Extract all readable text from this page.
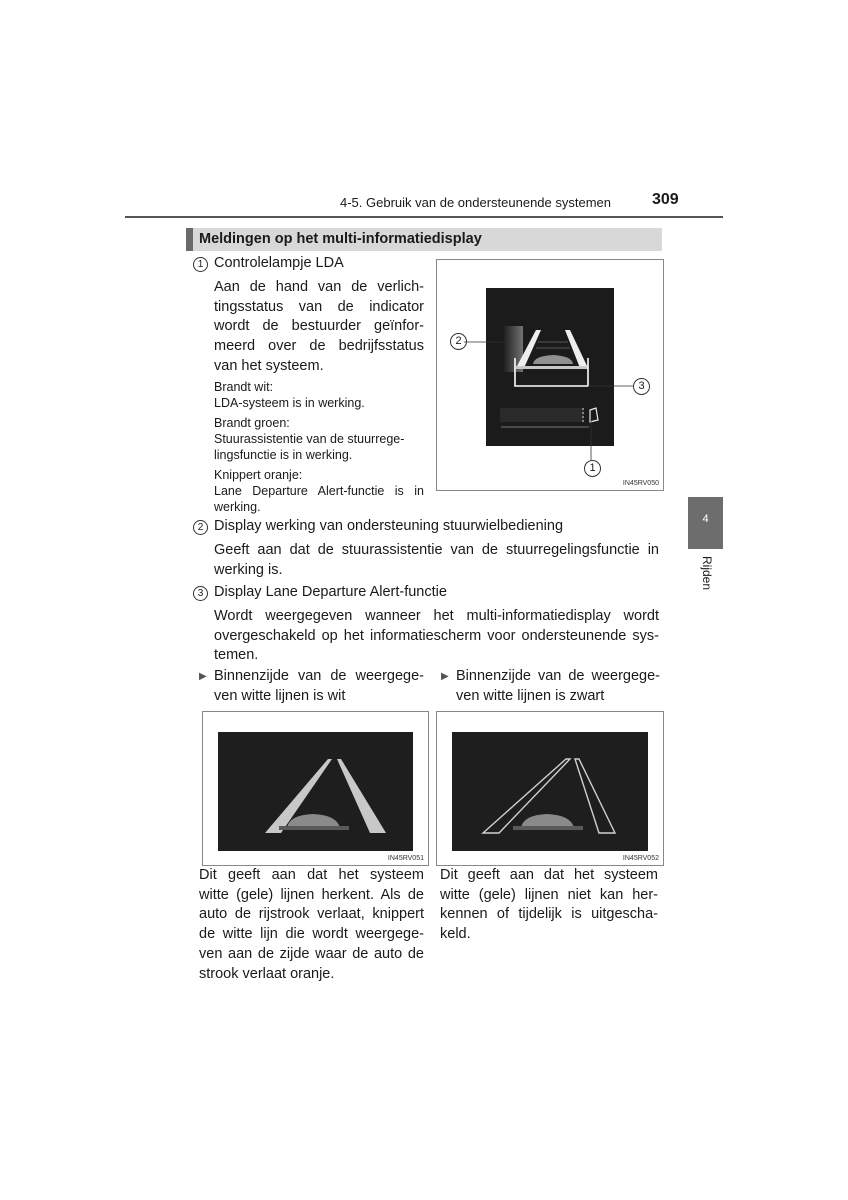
4-5. Gebruik van de ondersteunende systemen	309
4
Rijden
Meldingen op het multi-informatiedisplay
1 Controlelampje LDA

Aan de hand van de verlich-

tingsstatus van de indicator

wordt de bestuurder geïnfor-

meerd over de bedrijfsstatus

van het systeem.

Brandt wit:

LDA-systeem is in werking.

Brandt groen:

Stuurassistentie van de stuurrege-

lingsfunctie is in werking.

Knippert oranje:

Lane Departure Alert-functie is in

werking.

1
2
3
IN45RV050
2 Display werking van ondersteuning stuurwielbediening

Geeft aan dat de stuurassistentie van de stuurregelingsfunctie in

werking is.

3 Display Lane Departure Alert-functie

Wordt weergegeven wanneer het multi-informatiedisplay wordt

overgeschakeld op het informatiescherm voor ondersteunende sys-

temen.

▶ Binnenzijde van de weergege-

ven witte lijnen is wit

▶ Binnenzijde van de weergege-

ven witte lijnen is zwart

IN45RV051	IN45RV052

Dit geeft aan dat het systeem

witte (gele) lijnen herkent. Als de

auto de rijstrook verlaat, knippert

de witte lijn die wordt weergege-

ven aan de zijde waar de auto de

strook verlaat oranje.

Dit geeft aan dat het systeem

witte (gele) lijnen niet kan her-

kennen of tijdelijk is uitgescha-

keld.
